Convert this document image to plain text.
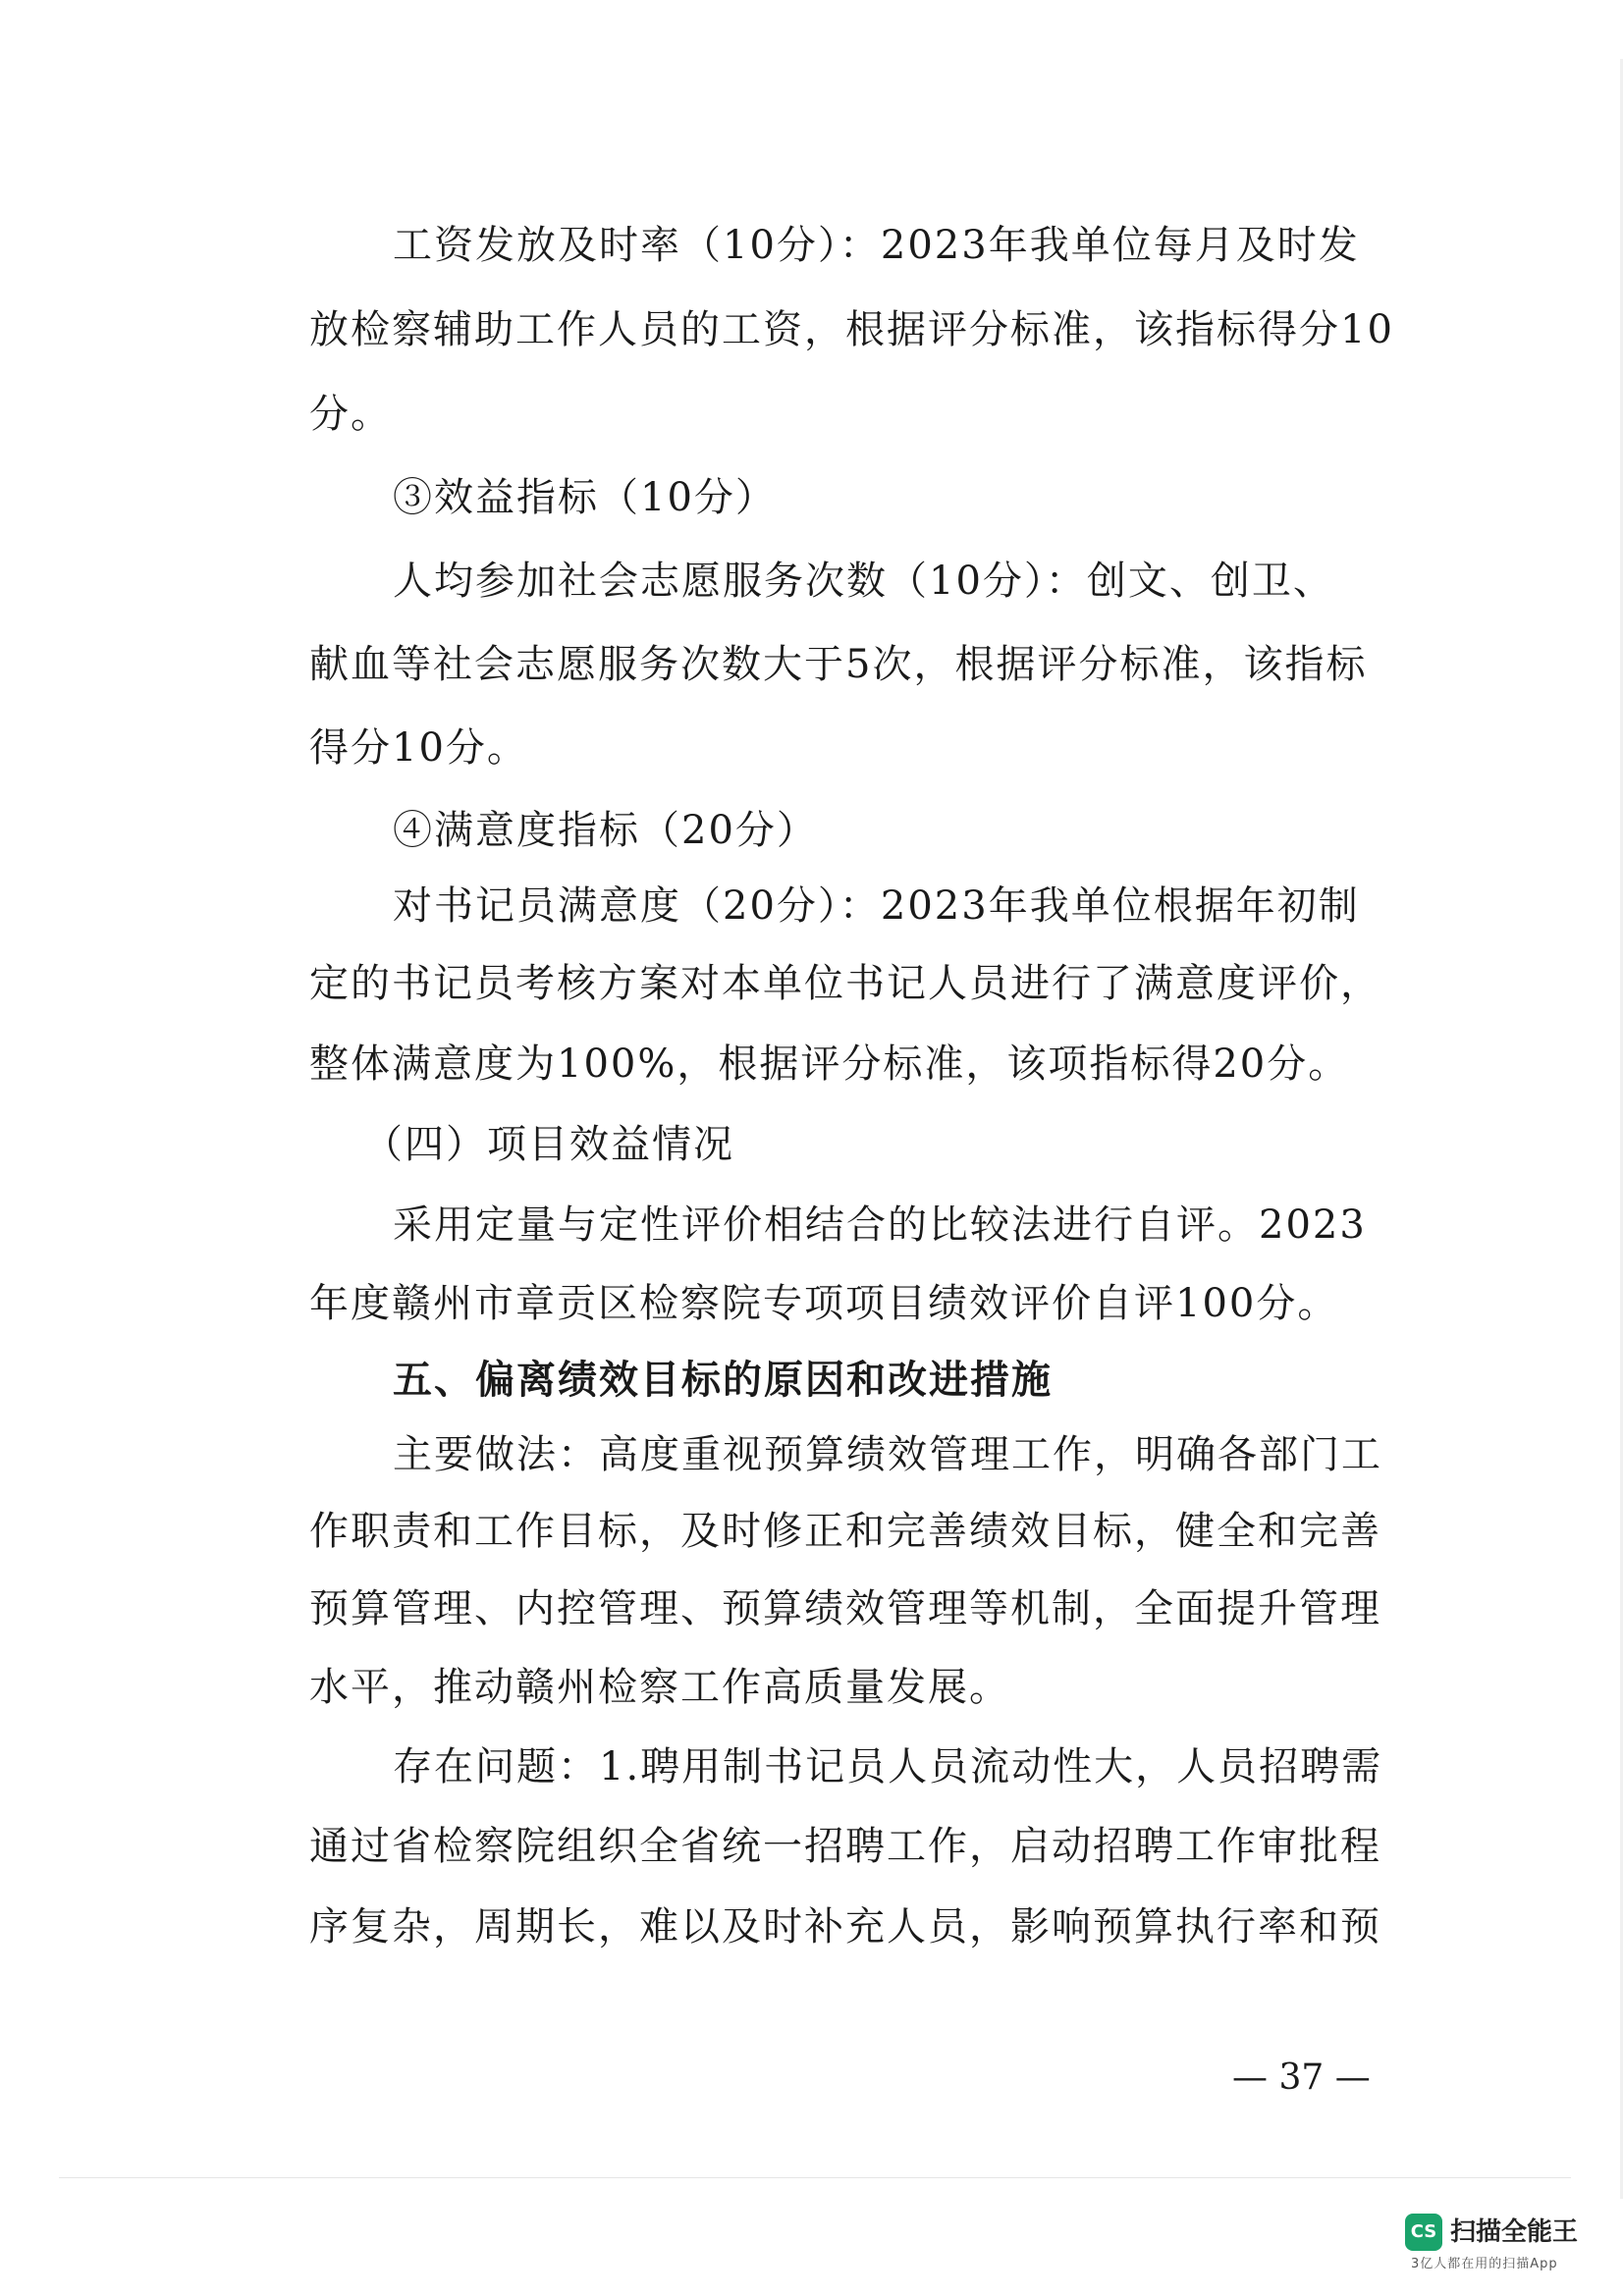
工资发放及时率（10分）：2023年我单位每月及时发
放检察辅助工作人员的工资，根据评分标准，该指标得分10
分。
③效益指标（10分）
人均参加社会志愿服务次数（10分）：创文、创卫、
献血等社会志愿服务次数大于5次，根据评分标准，该指标
得分10分。
④满意度指标（20分）
对书记员满意度（20分）：2023年我单位根据年初制
定的书记员考核方案对本单位书记人员进行了满意度评价，
整体满意度为100%，根据评分标准，该项指标得20分。
（四）项目效益情况
采用定量与定性评价相结合的比较法进行自评。2023
年度赣州市章贡区检察院专项项目绩效评价自评100分。
五、偏离绩效目标的原因和改进措施
主要做法：高度重视预算绩效管理工作，明确各部门工
作职责和工作目标，及时修正和完善绩效目标，健全和完善
预算管理、内控管理、预算绩效管理等机制，全面提升管理
水平，推动赣州检察工作高质量发展。
存在问题：1.聘用制书记员人员流动性大，人员招聘需
通过省检察院组织全省统一招聘工作，启动招聘工作审批程
序复杂，周期长，难以及时补充人员，影响预算执行率和预
— 37 —
CS 扫描全能王
3亿人都在用的扫描App
